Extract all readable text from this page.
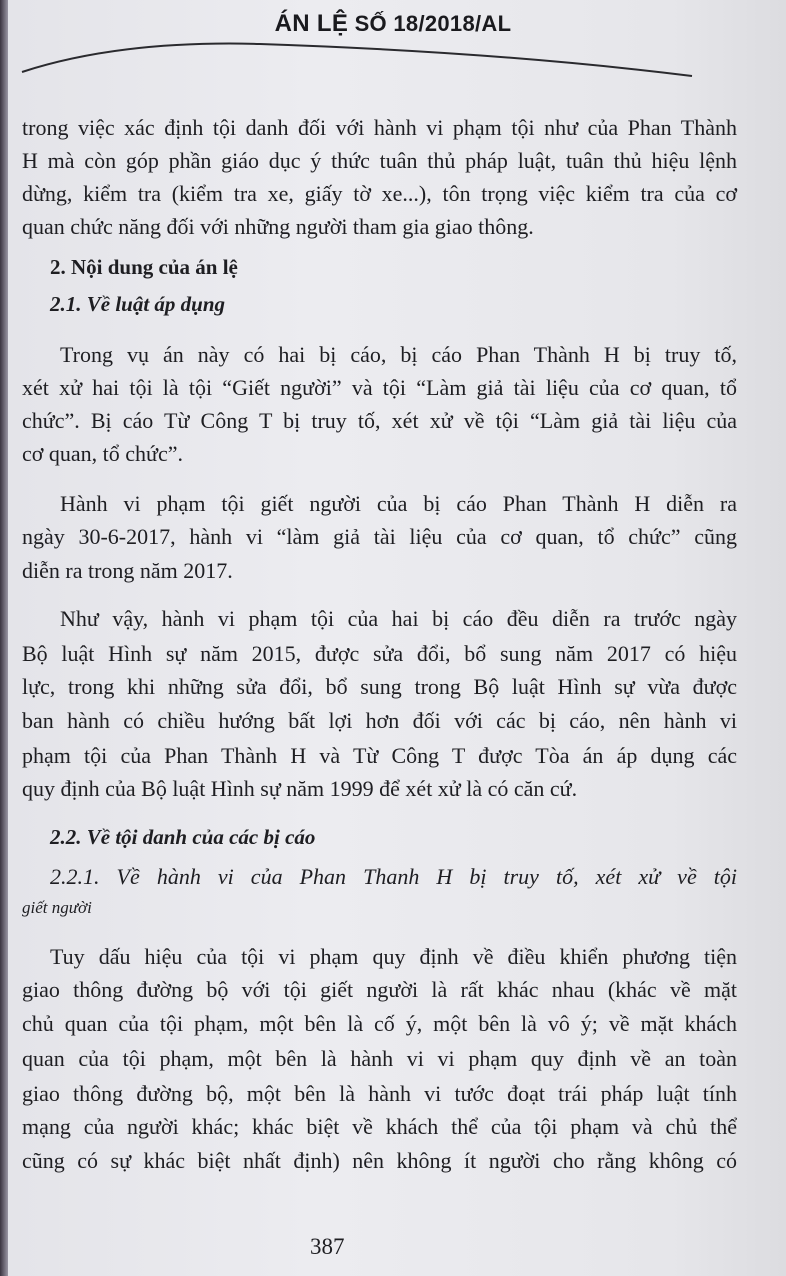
ÁN LỆ SỐ 18/2018/AL
trong việc xác định tội danh đối với hành vi phạm tội như của Phan Thành
H mà còn góp phần giáo dục ý thức tuân thủ pháp luật, tuân thủ hiệu lệnh
dừng, kiểm tra (kiểm tra xe, giấy tờ xe...), tôn trọng việc kiểm tra của cơ
quan chức năng đối với những người tham gia giao thông.
2. Nội dung của án lệ
2.1. Về luật áp dụng
Trong vụ án này có hai bị cáo, bị cáo Phan Thành H bị truy tố,
xét xử hai tội là tội “Giết người” và tội “Làm giả tài liệu của cơ quan, tổ
chức”. Bị cáo Từ Công T bị truy tố, xét xử về tội “Làm giả tài liệu của
cơ quan, tổ chức”.
Hành vi phạm tội giết người của bị cáo Phan Thành H diễn ra
ngày 30-6-2017, hành vi “làm giả tài liệu của cơ quan, tổ chức” cũng
diễn ra trong năm 2017.
Như vậy, hành vi phạm tội của hai bị cáo đều diễn ra trước ngày
Bộ luật Hình sự năm 2015, được sửa đổi, bổ sung năm 2017 có hiệu
lực, trong khi những sửa đổi, bổ sung trong Bộ luật Hình sự vừa được
ban hành có chiều hướng bất lợi hơn đối với các bị cáo, nên hành vi
phạm tội của Phan Thành H và Từ Công T được Tòa án áp dụng các
quy định của Bộ luật Hình sự năm 1999 để xét xử là có căn cứ.
2.2. Về tội danh của các bị cáo
2.2.1. Về hành vi của Phan Thanh H bị truy tố, xét xử về tội
giết người
Tuy dấu hiệu của tội vi phạm quy định về điều khiển phương tiện
giao thông đường bộ với tội giết người là rất khác nhau (khác về mặt
chủ quan của tội phạm, một bên là cố ý, một bên là vô ý; về mặt khách
quan của tội phạm, một bên là hành vi vi phạm quy định về an toàn
giao thông đường bộ, một bên là hành vi tước đoạt trái pháp luật tính
mạng của người khác; khác biệt về khách thể của tội phạm và chủ thể
cũng có sự khác biệt nhất định) nên không ít người cho rằng không có
387
